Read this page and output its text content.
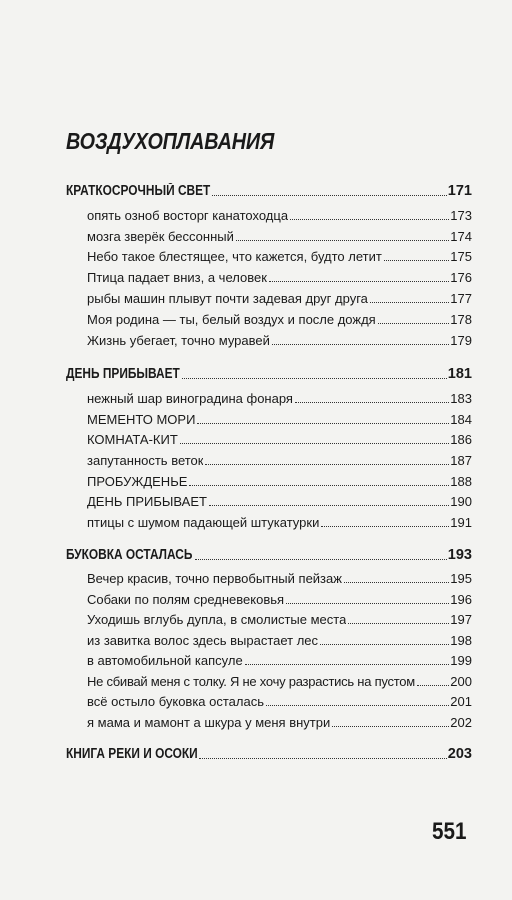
ВОЗДУХОПЛАВАНИЯ
КРАТКОСРОЧНЫЙ СВЕТ	171
опять озноб восторг канатоходца	173
мозга зверёк бессонный	174
Небо такое блестящее, что кажется, будто летит	175
Птица падает вниз, а человек	176
рыбы машин плывут почти задевая друг друга	177
Моя родина — ты, белый воздух и после дождя	178
Жизнь убегает, точно муравей	179
ДЕНЬ ПРИБЫВАЕТ	181
нежный шар виноградина фонаря	183
МЕМЕНТО МОРИ	184
КОМНАТА-КИТ	186
запутанность веток	187
ПРОБУЖДЕНЬЕ	188
ДЕНЬ ПРИБЫВАЕТ	190
птицы с шумом падающей штукатурки	191
БУКОВКА ОСТАЛАСЬ	193
Вечер красив, точно первобытный пейзаж	195
Собаки по полям средневековья	196
Уходишь вглубь дупла, в смолистые места	197
из завитка волос здесь вырастает лес	198
в автомобильной капсуле	199
Не сбивай меня с толку. Я не хочу разрастись на пустом	200
всё остыло буковка осталась	201
я мама и мамонт а шкура у меня внутри	202
КНИГА РЕКИ И ОСОКИ	203
551
